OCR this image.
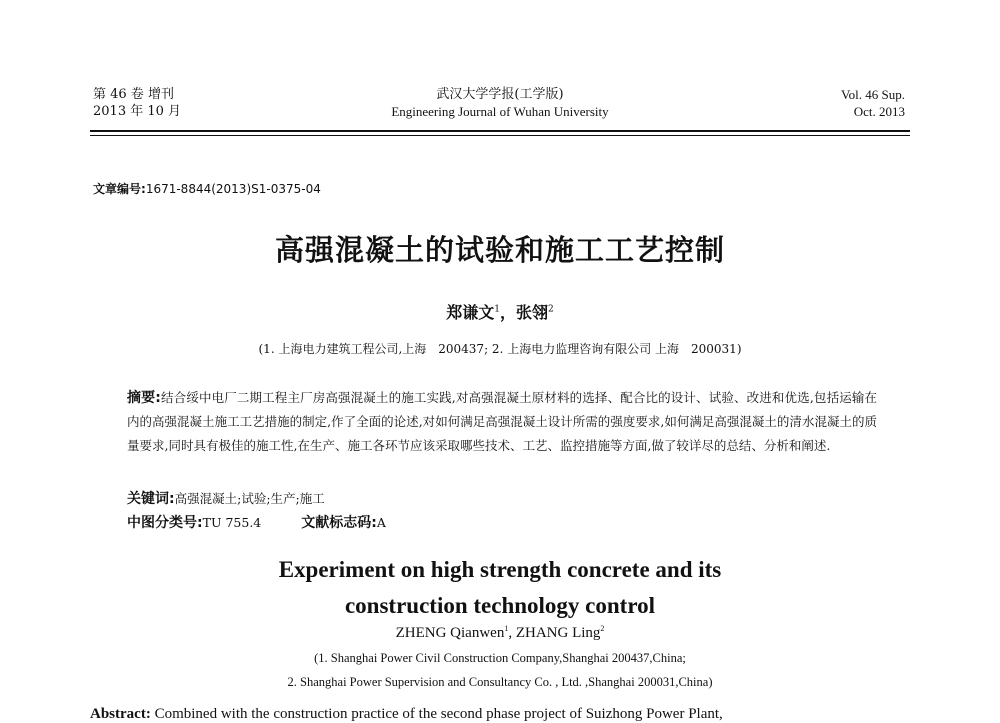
第 46 卷 增刊
2013 年 10 月
武汉大学学报(工学版)
Engineering Journal of Wuhan University
Vol. 46 Sup.
Oct. 2013
文章编号:1671-8844(2013)S1-0375-04
高强混凝土的试验和施工工艺控制
郑谦文$^1$，张翎$^2$
(1. 上海电力建筑工程公司,上海　200437; 2. 上海电力监理咨询有限公司 上海　200031)
摘要:结合绥中电厂二期工程主厂房高强混凝土的施工实践,对高强混凝土原材料的选择、配合比的设计、试验、改进和优选,包括运输在内的高强混凝土施工工艺措施的制定,作了全面的论述,对如何满足高强混凝土设计所需的强度要求,如何满足高强混凝土的清水混凝土的质量要求,同时具有极佳的施工性,在生产、施工各环节应该采取哪些技术、工艺、监控措施等方面,做了较详尽的总结、分析和阐述.
关键词:高强混凝土;试验;生产;施工
中图分类号:TU 755.4	文献标志码:A
Experiment on high strength concrete and its
construction technology control
ZHENG Qianwen$^1$, ZHANG Ling$^2$
(1. Shanghai Power Civil Construction Company,Shanghai 200437,China;
2. Shanghai Power Supervision and Consultancy Co. , Ltd. ,Shanghai 200031,China)
Abstract: Combined with the construction practice of the second phase project of Suizhong Power Plant,
